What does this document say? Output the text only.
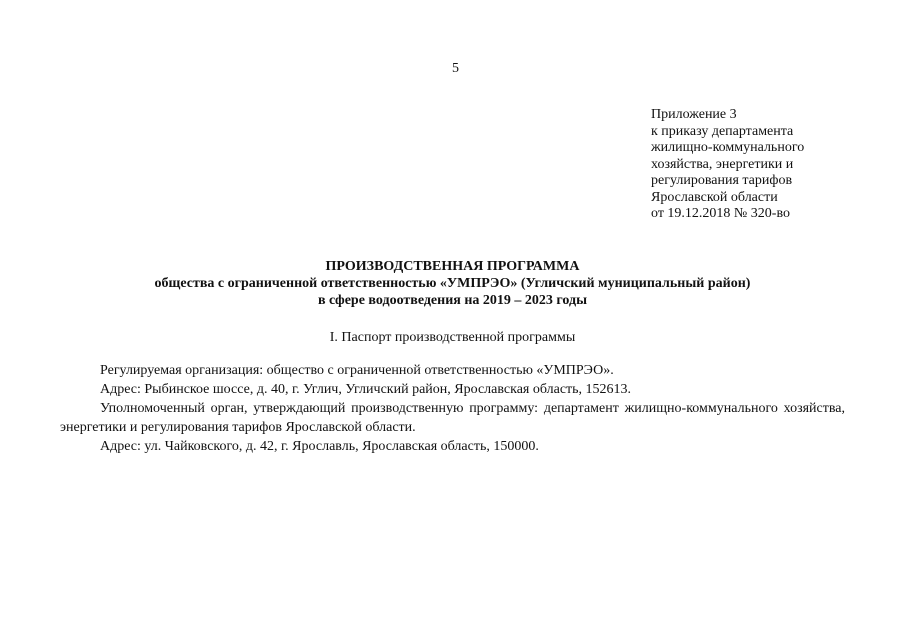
5
Приложение 3
к приказу департамента
жилищно-коммунального
хозяйства, энергетики и
регулирования тарифов
Ярославской области
от 19.12.2018 № 320-во
ПРОИЗВОДСТВЕННАЯ ПРОГРАММА
общества с ограниченной ответственностью «УМПРЭО» (Угличский муниципальный район)
в сфере водоотведения на 2019 – 2023 годы
I. Паспорт производственной программы

Регулируемая организация: общество с ограниченной ответственностью «УМПРЭО».

Адрес: Рыбинское шоссе, д. 40, г. Углич, Угличский район, Ярославская область, 152613.

Уполномоченный орган, утверждающий производственную программу: департамент жилищно-коммунального хозяйства, энергетики и регулирования тарифов Ярославской области.

Адрес: ул. Чайковского, д. 42, г. Ярославль, Ярославская область, 150000.
